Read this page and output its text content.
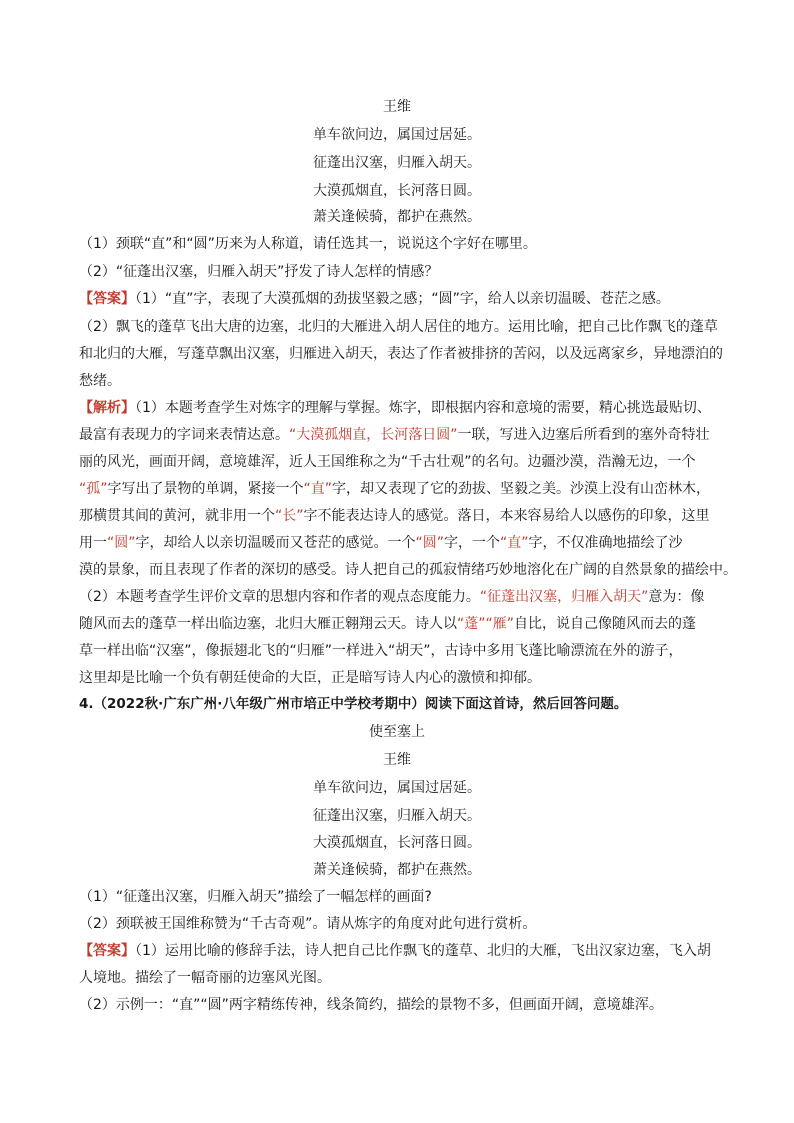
王维
单车欲问边，属国过居延。
征蓬出汉塞，归雁入胡天。
大漠孤烟直，长河落日圆。
萧关逢候骑，都护在燕然。
（1）颈联“直”和“圆”历来为人称道，请任选其一，说说这个字好在哪里。
（2）“征蓬出汉塞，归雁入胡天”抒发了诗人怎样的情感？
【答案】（1）“直”字，表现了大漠孤烟的劲拔坚毅之感；“圆”字，给人以亲切温暖、苍茫之感。
（2）飘飞的蓬草飞出大唐的边塞，北归的大雁进入胡人居住的地方。运用比喻，把自己比作飘飞的蓬草
和北归的大雁，写蓬草飘出汉塞，归雁进入胡天，表达了作者被排挤的苦闷，以及远离家乡，异地漂泊的
愁绪。
【解析】（1）本题考查学生对炼字的理解与掌握。炼字，即根据内容和意境的需要，精心挑选最贴切、
最富有表现力的字词来表情达意。“大漠孤烟直，长河落日圆”一联，写进入边塞后所看到的塞外奇特壮
丽的风光，画面开阔，意境雄浑，近人王国维称之为“千古壮观”的名句。边疆沙漠，浩瀚无边，一个
“孤”字写出了景物的单调，紧接一个“直”字，却又表现了它的劲拔、坚毅之美。沙漠上没有山峦林木，
那横贯其间的黄河，就非用一个“长”字不能表达诗人的感觉。落日，本来容易给人以感伤的印象，这里
用一“圆”字，却给人以亲切温暖而又苍茫的感觉。一个“圆”字，一个“直”字，不仅准确地描绘了沙
漠的景象，而且表现了作者的深切的感受。诗人把自己的孤寂情绪巧妙地溶化在广阔的自然景象的描绘中。
（2）本题考查学生评价文章的思想内容和作者的观点态度能力。“征蓬出汉塞，归雁入胡天”意为：像
随风而去的蓬草一样出临边塞，北归大雁正翱翔云天。诗人以“蓬”“雁”自比，说自己像随风而去的蓬
草一样出临“汉塞”，像振翅北飞的“归雁”一样进入“胡天”，古诗中多用飞蓬比喻漂流在外的游子，
这里却是比喻一个负有朝廷使命的大臣，正是暗写诗人内心的激愤和抑郁。
4.（2022秋·广东广州·八年级广州市培正中学校考期中）阅读下面这首诗，然后回答问题。
使至塞上
王维
单车欲问边，属国过居延。
征蓬出汉塞，归雁入胡天。
大漠孤烟直，长河落日圆。
萧关逢候骑，都护在燕然。
（1）“征蓬出汉塞，归雁入胡天”描绘了一幅怎样的画面?
（2）颈联被王国维称赞为“千古奇观”。请从炼字的角度对此句进行赏析。
【答案】（1）运用比喻的修辞手法，诗人把自己比作飘飞的蓬草、北归的大雁，飞出汉家边塞，飞入胡
人境地。描绘了一幅奇丽的边塞风光图。
（2）示例一：“直”“圆”两字精练传神，线条简约，描绘的景物不多，但画面开阔，意境雄浑。
